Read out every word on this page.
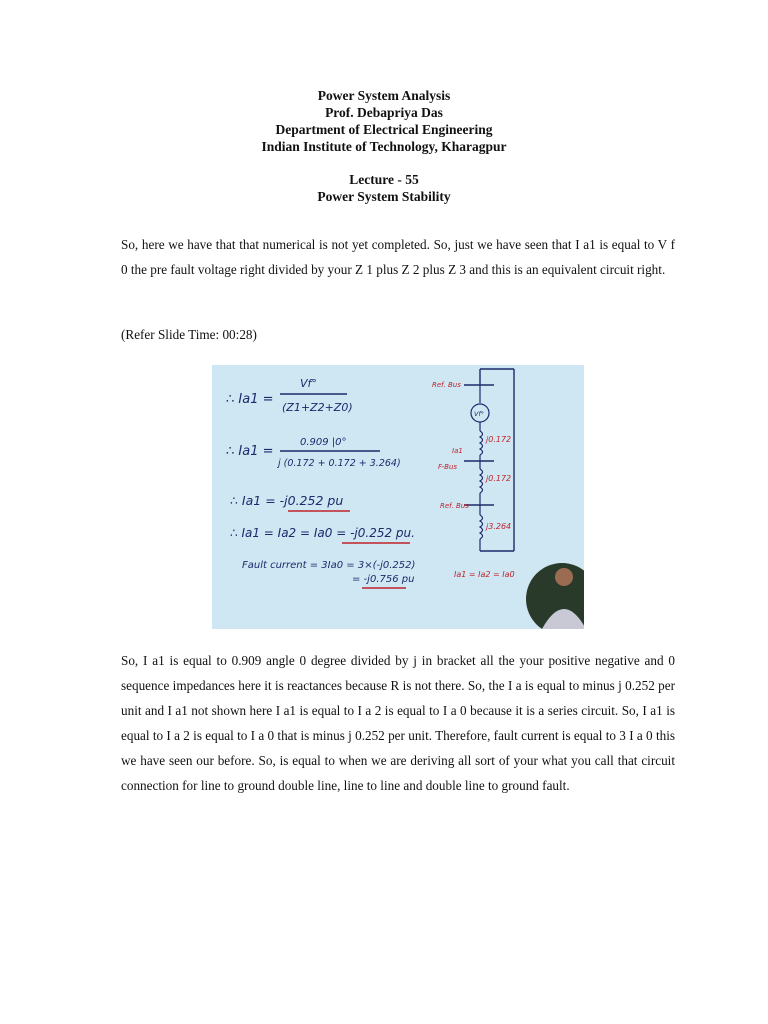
Power System Analysis
Prof. Debapriya Das
Department of Electrical Engineering
Indian Institute of Technology, Kharagpur
Lecture - 55
Power System Stability

So, here we have that that numerical is not yet completed. So, just we have seen that I a1 is equal to V f 0 the pre fault voltage right divided by your Z 1 plus Z 2 plus Z 3 and this is an equivalent circuit right.

(Refer Slide Time: 00:28)

∴ Ia1 =
Vf°
(Z1+Z2+Z0)
∴ Ia1 =
0.909 |0°
j (0.172 + 0.172 + 3.264)
∴ Ia1 = -j0.252 pu
∴ Ia1 = Ia2 = Ia0 = -j0.252 pu.
Fault current = 3Ia0 = 3×(-j0.252)
= -j0.756 pu
Ref. Bus
Vf°
j0.172
Ia1
F-Bus
j0.172
Ref. Bus
j3.264
Ia1 = Ia2 = Ia0

So, I a1 is equal to 0.909 angle 0 degree divided by j in bracket all the your positive negative and 0 sequence impedances here it is reactances because R is not there. So, the I a is equal to minus j 0.252 per unit and I a1 not shown here I a1 is equal to I a 2 is equal to I a 0 because it is a series circuit. So, I a1 is equal to I a 2 is equal to I a 0 that is minus j 0.252 per unit. Therefore, fault current is equal to 3 I a 0 this we have seen our before. So, is equal to when we are deriving all sort of your what you call that circuit connection for line to ground double line, line to line and double line to ground fault.
